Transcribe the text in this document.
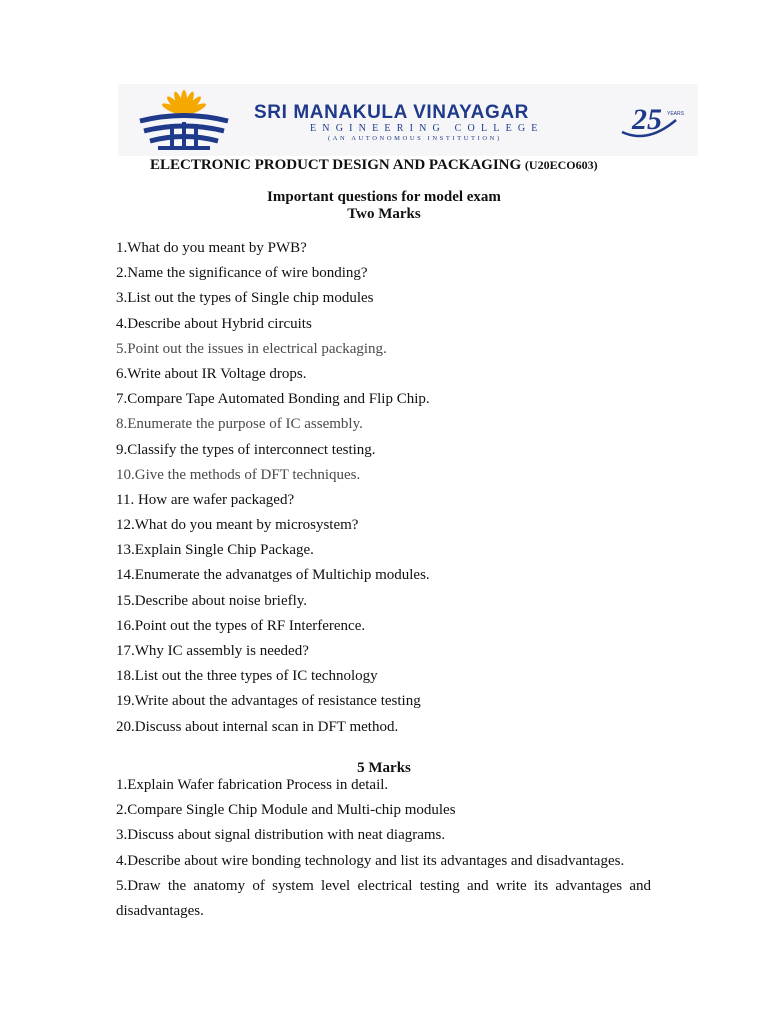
SRI MANAKULA VINAYAGAR
ENGINEERING COLLEGE
(AN AUTONOMOUS INSTITUTION)
25 YEARS
ELECTRONIC PRODUCT DESIGN AND PACKAGING (U20ECO603)
Important questions for model exam
Two Marks
1.What do you meant by PWB?
2.Name the significance of wire bonding?
3.List out the types of Single chip modules
4.Describe about Hybrid circuits
5.Point out the issues in electrical packaging.
6.Write about IR Voltage drops.
7.Compare Tape Automated Bonding and Flip Chip.
8.Enumerate the purpose of IC assembly.
9.Classify the types of interconnect testing.
10.Give the methods of DFT techniques.
11. How are wafer packaged?
12.What do you meant by microsystem?
13.Explain Single Chip Package.
14.Enumerate the advanatges of Multichip modules.
15.Describe about noise briefly.
16.Point out the types of RF Interference.
17.Why IC assembly is needed?
18.List out the three types of IC technology
19.Write about the advantages of resistance testing
20.Discuss about internal scan in DFT method.
5 Marks
1.Explain Wafer fabrication Process in detail.
2.Compare Single Chip Module and Multi-chip modules
3.Discuss about signal distribution with neat diagrams.
4.Describe about wire bonding technology and list its advantages and disadvantages.
5.Draw the anatomy of system level electrical testing and write its advantages and disadvantages.
